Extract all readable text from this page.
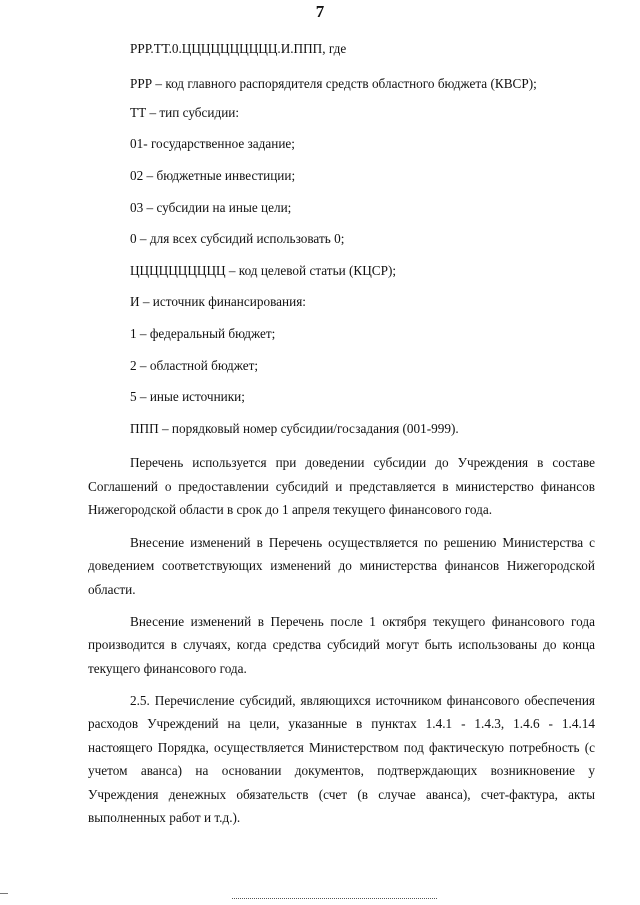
7
РРР.ТТ.0.ЦЦЦЦЦЦЦЦЦЦ.И.ППП, где
РРР – код главного распорядителя средств областного бюджета (КВСР);
ТТ – тип субсидии:
01- государственное задание;
02 – бюджетные инвестиции;
03 – субсидии на иные цели;
0 – для всех субсидий использовать 0;
ЦЦЦЦЦЦЦЦЦЦ – код целевой статьи (КЦСР);
И – источник финансирования:
1 – федеральный бюджет;
2 – областной бюджет;
5 – иные источники;
ППП – порядковый номер субсидии/госзадания (001-999).
Перечень используется при доведении субсидии до Учреждения в составе Соглашений о предоставлении субсидий и представляется в министерство финансов Нижегородской области в срок до 1 апреля текущего финансового года.
Внесение изменений в Перечень осуществляется по решению Министерства с доведением соответствующих изменений до министерства финансов Нижегородской области.
Внесение изменений в Перечень после 1 октября текущего финансового года производится в случаях, когда средства субсидий могут быть использованы до конца текущего финансового года.
2.5. Перечисление субсидий, являющихся источником финансового обеспечения расходов Учреждений на цели, указанные в пунктах 1.4.1 - 1.4.3, 1.4.6 - 1.4.14 настоящего Порядка, осуществляется Министерством под фактическую потребность (с учетом аванса) на основании документов, подтверждающих возникновение у Учреждения денежных обязательств (счет (в случае аванса), счет-фактура, акты выполненных работ и т.д.).
